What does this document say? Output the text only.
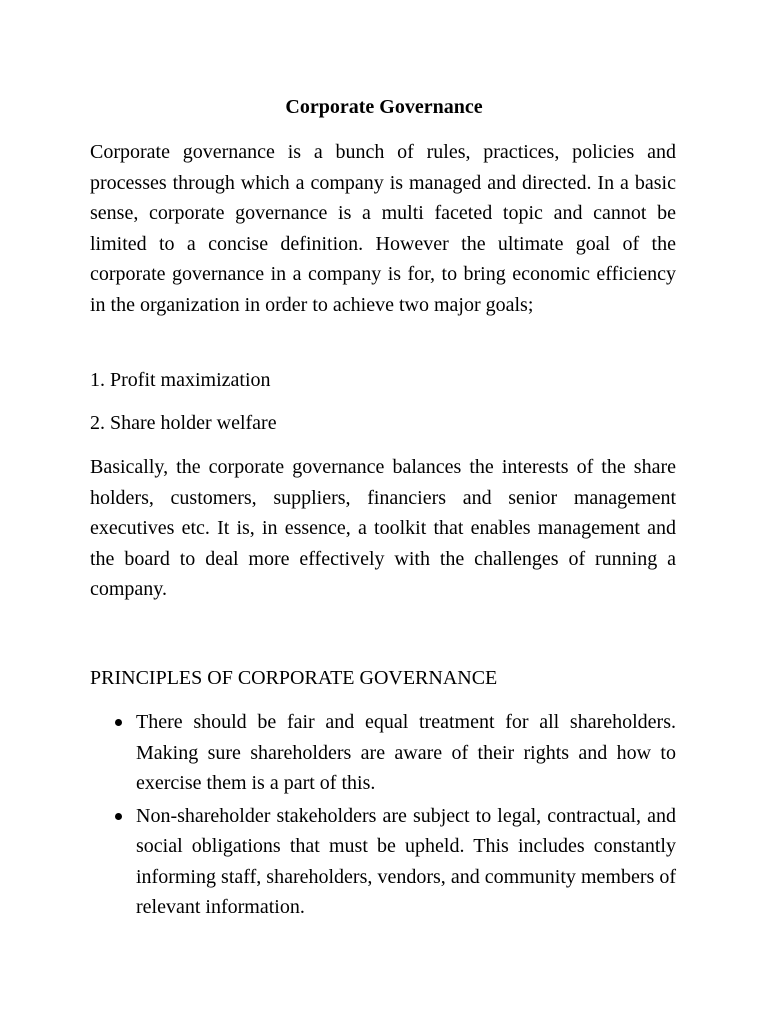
Corporate Governance

Corporate governance is a bunch of rules, practices, policies and processes through which a company is managed and directed. In a basic sense, corporate governance is a multi faceted topic and cannot be limited to a concise definition. However the ultimate goal of the corporate governance in a company is for, to bring economic efficiency in the organization in order to achieve two major goals;

1. Profit maximization

2. Share holder welfare

Basically, the corporate governance balances the interests of the share holders, customers, suppliers, financiers and senior management executives etc. It is, in essence, a toolkit that enables management and the board to deal more effectively with the challenges of running a company.

PRINCIPLES OF CORPORATE GOVERNANCE
There should be fair and equal treatment for all shareholders. Making sure shareholders are aware of their rights and how to exercise them is a part of this.
Non-shareholder stakeholders are subject to legal, contractual, and social obligations that must be upheld. This includes constantly informing staff, shareholders, vendors, and community members of relevant information.
